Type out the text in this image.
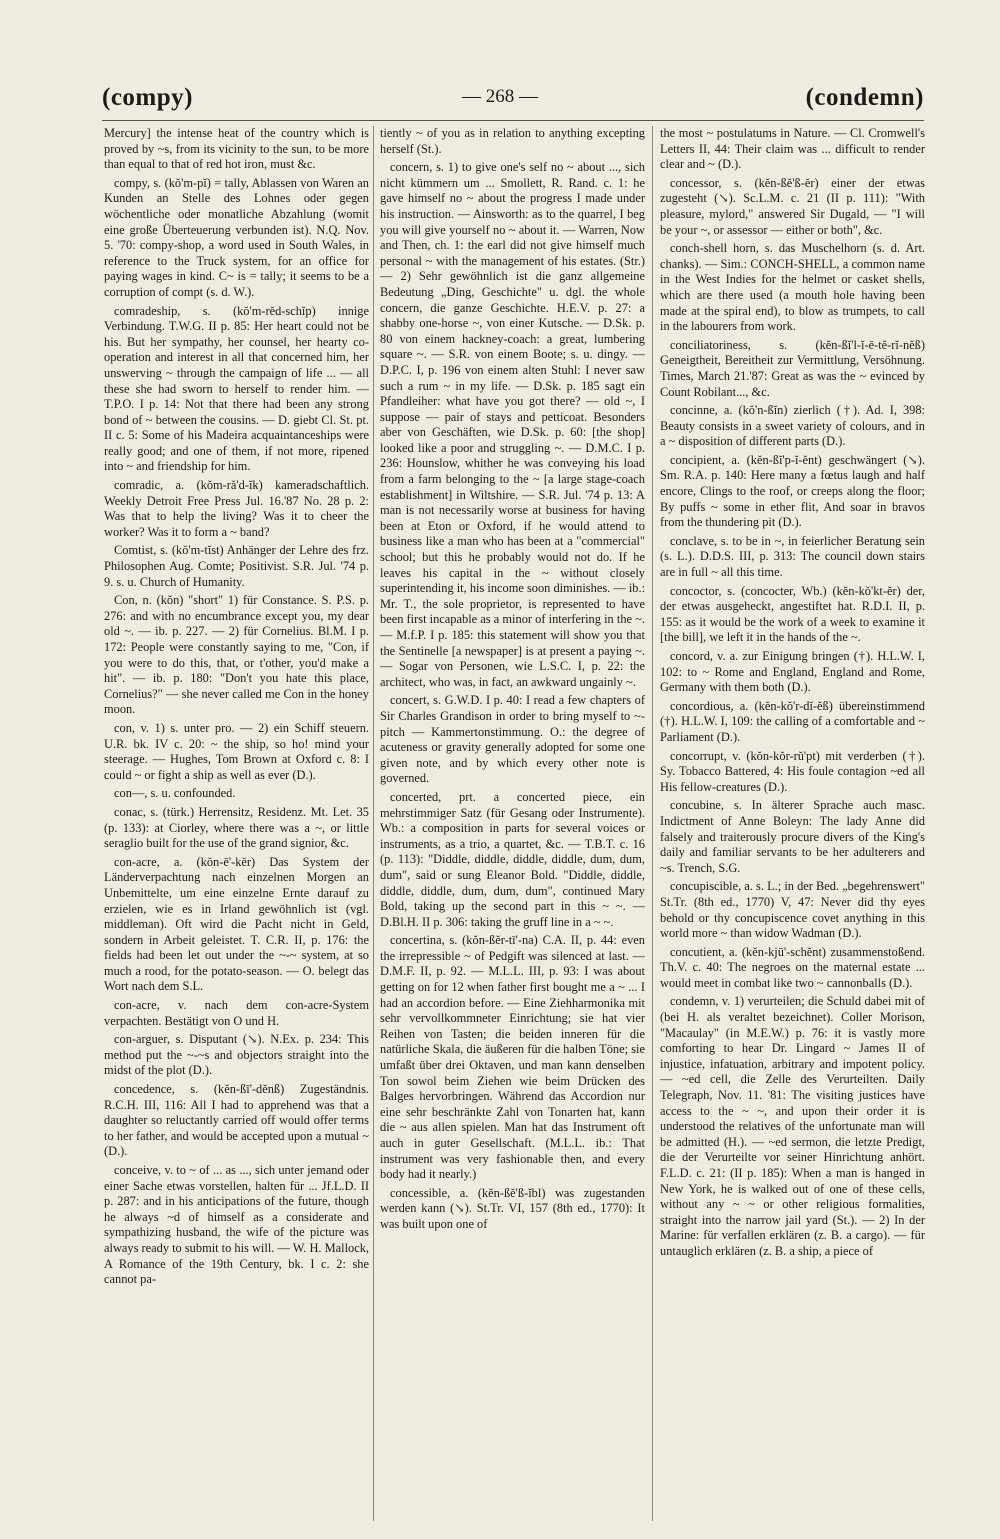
(compy)	— 268 —	(condemn)

Mercury] the intense heat of the country which is proved by ~s, from its vicinity to the sun, to be more than equal to that of red hot iron, must &c.

compy, s. (kŏ'm-pĭ) = tally, Ablassen von Waren an Kunden an Stelle des Lohnes oder gegen wöchentliche oder monatliche Abzahlung (womit eine große Überteuerung verbunden ist). N.Q. Nov. 5. '70: compy-shop, a word used in South Wales, in reference to the Truck system, for an office for paying wages in kind. C~ is = tally; it seems to be a corruption of compt (s. d. W.).

comradeship, s. (kŏ'm-rĕd-schĭp) innige Verbindung. T.W.G. II p. 85: Her heart could not be his. But her sympathy, her counsel, her hearty co-operation and interest in all that concerned him, her unswerving ~ through the campaign of life ... — all these she had sworn to herself to render him. — T.P.O. I p. 14: Not that there had been any strong bond of ~ between the cousins. — D. giebt Cl. St. pt. II c. 5: Some of his Madeira acquaintanceships were really good; and one of them, if not more, ripened into ~ and friendship for him.

comradic, a. (kŏm-ră'd-ĭk) kameradschaftlich. Weekly Detroit Free Press Jul. 16.'87 No. 28 p. 2: Was that to help the living? Was it to cheer the worker? Was it to form a ~ band?

Comtist, s. (kŏ'm-tĭst) Anhänger der Lehre des frz. Philosophen Aug. Comte; Positivist. S.R. Jul. '74 p. 9. s. u. Church of Humanity.

Con, n. (kŏn) "short" 1) für Constance. S. P.S. p. 276: and with no encumbrance except you, my dear old ~. — ib. p. 227. — 2) für Cornelius. Bl.M. I p. 172: People were constantly saying to me, "Con, if you were to do this, that, or t'other, you'd make a hit". — ib. p. 180: "Don't you hate this place, Cornelius?" — she never called me Con in the honey moon.

con, v. 1) s. unter pro. — 2) ein Schiff steuern. U.R. bk. IV c. 20: ~ the ship, so ho! mind your steerage. — Hughes, Tom Brown at Oxford c. 8: I could ~ or fight a ship as well as ever (D.).

con—, s. u. confounded.

conac, s. (türk.) Herrensitz, Residenz. Mt. Let. 35 (p. 133): at Ciorley, where there was a ~, or little seraglio built for the use of the grand signior, &c.

con-acre, a. (kŏn-ē'-kĕr) Das System der Länderverpachtung nach einzelnen Morgen an Unbemittelte, um eine einzelne Ernte darauf zu erzielen, wie es in Irland gewöhnlich ist (vgl. middleman). Oft wird die Pacht nicht in Geld, sondern in Arbeit geleistet. T. C.R. II, p. 176: the fields had been let out under the ~-~ system, at so much a rood, for the potato-season. — O. belegt das Wort nach dem S.L.

con-acre, v. nach dem con-acre-System verpachten. Bestätigt von O und H.

con-arguer, s. Disputant (↘). N.Ex. p. 234: This method put the ~-~s and objectors straight into the midst of the plot (D.).

concedence, s. (kĕn-ßī'-dĕnß) Zugeständnis. R.C.H. III, 116: All I had to apprehend was that a daughter so reluctantly carried off would offer terms to her father, and would be accepted upon a mutual ~ (D.).

conceive, v. to ~ of ... as ..., sich unter jemand oder einer Sache etwas vorstellen, halten für ... Jf.L.D. II p. 287: and in his anticipations of the future, though he always ~d of himself as a considerate and sympathizing husband, the wife of the picture was always ready to submit to his will. — W. H. Mallock, A Romance of the 19th Century, bk. I c. 2: she cannot pa-

tiently ~ of you as in relation to anything excepting herself (St.).

concern, s. 1) to give one's self no ~ about ..., sich nicht kümmern um ... Smollett, R. Rand. c. 1: he gave himself no ~ about the progress I made under his instruction. — Ainsworth: as to the quarrel, I beg you will give yourself no ~ about it. — Warren, Now and Then, ch. 1: the earl did not give himself much personal ~ with the management of his estates. (Str.) — 2) Sehr gewöhnlich ist die ganz allgemeine Bedeutung „Ding, Geschichte" u. dgl. the whole concern, die ganze Geschichte. H.E.V. p. 27: a shabby one-horse ~, von einer Kutsche. — D.Sk. p. 80 von einem hackney-coach: a great, lumbering square ~. — S.R. von einem Boote; s. u. dingy. — D.P.C. I, p. 196 von einem alten Stuhl: I never saw such a rum ~ in my life. — D.Sk. p. 185 sagt ein Pfandleiher: what have you got there? — old ~, I suppose — pair of stays and petticoat. Besonders aber von Geschäften, wie D.Sk. p. 60: [the shop] looked like a poor and struggling ~. — D.M.C. I p. 236: Hounslow, whither he was conveying his load from a farm belonging to the ~ [a large stage-coach establishment] in Wiltshire. — S.R. Jul. '74 p. 13: A man is not necessarily worse at business for having been at Eton or Oxford, if he would attend to business like a man who has been at a "commercial" school; but this he probably would not do. If he leaves his capital in the ~ without closely superintending it, his income soon diminishes. — ib.: Mr. T., the sole proprietor, is represented to have been first incapable as a minor of interfering in the ~. — M.f.P. I p. 185: this statement will show you that the Sentinelle [a newspaper] is at present a paying ~. — Sogar von Personen, wie L.S.C. I, p. 22: the architect, who was, in fact, an awkward ungainly ~.

concert, s. G.W.D. I p. 40: I read a few chapters of Sir Charles Grandison in order to bring myself to ~-pitch — Kammertonstimmung. O.: the degree of acuteness or gravity generally adopted for some one given note, and by which every other note is governed.

concerted, prt. a concerted piece, ein mehrstimmiger Satz (für Gesang oder Instrumente). Wb.: a composition in parts for several voices or instruments, as a trio, a quartet, &c. — T.B.T. c. 16 (p. 113): "Diddle, diddle, diddle, diddle, dum, dum, dum", said or sung Eleanor Bold. "Diddle, diddle, diddle, diddle, dum, dum, dum", continued Mary Bold, taking up the second part in this ~ ~. — D.Bl.H. II p. 306: taking the gruff line in a ~ ~.

concertina, s. (kŏn-ßĕr-tī'-na) C.A. II, p. 44: even the irrepressible ~ of Pedgift was silenced at last. — D.M.F. II, p. 92. — M.L.L. III, p. 93: I was about getting on for 12 when father first bought me a ~ ... I had an accordion before. — Eine Ziehharmonika mit sehr vervollkommneter Einrichtung; sie hat vier Reihen von Tasten; die beiden inneren für die natürliche Skala, die äußeren für die halben Töne; sie umfaßt über drei Oktaven, und man kann denselben Ton sowol beim Ziehen wie beim Drücken des Balges hervorbringen. Während das Accordion nur eine sehr beschränkte Zahl von Tonarten hat, kann die ~ aus allen spielen. Man hat das Instrument oft auch in guter Gesellschaft. (M.L.L. ib.: That instrument was very fashionable then, and every body had it nearly.)

concessible, a. (kĕn-ßĕ'ß-ĭbl) was zugestanden werden kann (↘). St.Tr. VI, 157 (8th ed., 1770): It was built upon one of

the most ~ postulatums in Nature. — Cl. Cromwell's Letters II, 44: Their claim was ... difficult to render clear and ~ (D.).

concessor, s. (kĕn-ßĕ'ß-ĕr) einer der etwas zugesteht (↘). Sc.L.M. c. 21 (II p. 111): "With pleasure, mylord," answered Sir Dugald, — "I will be your ~, or assessor — either or both", &c.

conch-shell horn, s. das Muschelhorn (s. d. Art. chanks). — Sim.: CONCH-SHELL, a common name in the West Indies for the helmet or casket shells, which are there used (a mouth hole having been made at the spiral end), to blow as trumpets, to call in the labourers from work.

conciliatoriness, s. (kĕn-ßĭ'l-ĭ-ē-tĕ-rĭ-nĕß) Geneigtheit, Bereitheit zur Vermittlung, Versöhnung. Times, March 21.'87: Great as was the ~ evinced by Count Robilant..., &c.

concinne, a. (kŏ'n-ßĭn) zierlich (†). Ad. I, 398: Beauty consists in a sweet variety of colours, and in a ~ disposition of different parts (D.).

concipient, a. (kĕn-ßĭ'p-ĭ-ĕnt) geschwängert (↘). Sm. R.A. p. 140: Here many a fœtus laugh and half encore, Clings to the roof, or creeps along the floor; By puffs ~ some in ether flit, And soar in bravos from the thundering pit (D.).

conclave, s. to be in ~, in feierlicher Beratung sein (s. L.). D.D.S. III, p. 313: The council down stairs are in full ~ all this time.

concoctor, s. (concocter, Wb.) (kĕn-kŏ'kt-ĕr) der, der etwas ausgeheckt, angestiftet hat. R.D.I. II, p. 155: as it would be the work of a week to examine it [the bill], we left it in the hands of the ~.

concord, v. a. zur Einigung bringen (†). H.L.W. I, 102: to ~ Rome and England, England and Rome, Germany with them both (D.).

concordious, a. (kĕn-kŏ'r-dĭ-ĕß) übereinstimmend (†). H.L.W. I, 109: the calling of a comfortable and ~ Parliament (D.).

concorrupt, v. (kŏn-kŏr-rŭ'pt) mit verderben (†). Sy. Tobacco Battered, 4: His foule contagion ~ed all His fellow-creatures (D.).

concubine, s. In älterer Sprache auch masc. Indictment of Anne Boleyn: The lady Anne did falsely and traiterously procure divers of the King's daily and familiar servants to be her adulterers and ~s. Trench, S.G.

concupiscible, a. s. L.; in der Bed. „begehrenswert" St.Tr. (8th ed., 1770) V, 47: Never did thy eyes behold or thy concupiscence covet anything in this world more ~ than widow Wadman (D.).

concutient, a. (kĕn-kjū'-schĕnt) zusammenstoßend. Th.V. c. 40: The negroes on the maternal estate ... would meet in combat like two ~ cannonballs (D.).

condemn, v. 1) verurteilen; die Schuld dabei mit of (bei H. als veraltet bezeichnet). Coller Morison, "Macaulay" (in M.E.W.) p. 76: it is vastly more comforting to hear Dr. Lingard ~ James II of injustice, infatuation, arbitrary and impotent policy. — ~ed cell, die Zelle des Verurteilten. Daily Telegraph, Nov. 11. '81: The visiting justices have access to the ~ ~, and upon their order it is understood the relatives of the unfortunate man will be admitted (H.). — ~ed sermon, die letzte Predigt, die der Verurteilte vor seiner Hinrichtung anhört. F.L.D. c. 21: (II p. 185): When a man is hanged in New York, he is walked out of one of these cells, without any ~ ~ or other religious formalities, straight into the narrow jail yard (St.). — 2) In der Marine: für verfallen erklären (z. B. a cargo). — für untauglich erklären (z. B. a ship, a piece of
